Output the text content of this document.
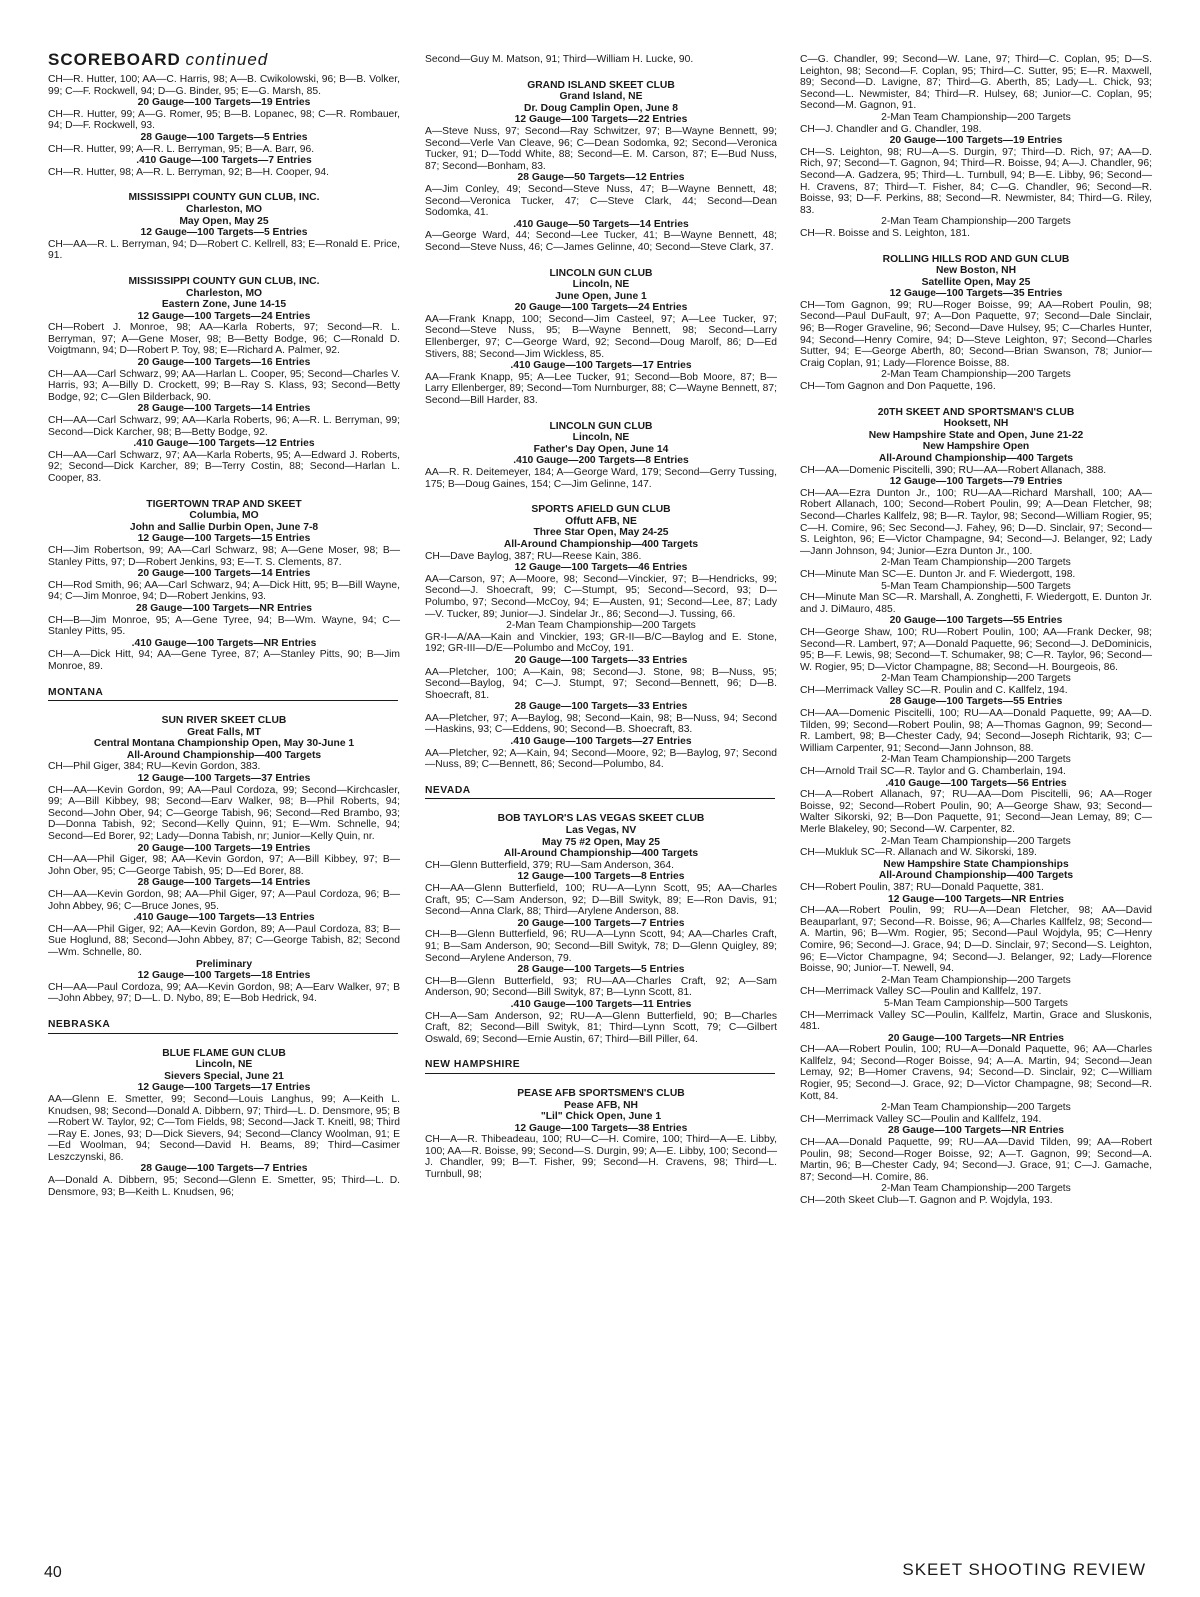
SCOREBOARD continued
CH—R. Hutter, 100; AA—C. Harris, 98; A—B. Cwikolowski, 96; B—B. Volker, 99; C—F. Rockwell, 94; D—G. Binder, 95; E—G. Marsh, 85.
20 Gauge—100 Targets—19 Entries
CH—R. Hutter, 99; A—G. Romer, 95; B—B. Lopanec, 98; C—R. Rombauer, 94; D—F. Rockwell, 93.
28 Gauge—100 Targets—5 Entries
CH—R. Hutter, 99; A—R. L. Berryman, 95; B—A. Barr, 96.
.410 Gauge—100 Targets—7 Entries
CH—R. Hutter, 98; A—R. L. Berryman, 92; B—H. Cooper, 94.
MISSISSIPPI COUNTY GUN CLUB, INC.
Charleston, MO
May Open, May 25
12 Gauge—100 Targets—5 Entries
CH—AA—R. L. Berryman, 94; D—Robert C. Kellrell, 83; E—Ronald E. Price, 91.
MISSISSIPPI COUNTY GUN CLUB, INC.
Charleston, MO
Eastern Zone, June 14-15
12 Gauge—100 Targets—24 Entries
CH—Robert J. Monroe, 98; AA—Karla Roberts, 97; Second—R. L. Berryman, 97; A—Gene Moser, 98; B—Betty Bodge, 96; C—Ronald D. Voigtmann, 94; D—Robert P. Toy, 98; E—Richard A. Palmer, 92.
20 Gauge—100 Targets—16 Entries
CH—AA—Carl Schwarz, 99; AA—Harlan L. Cooper, 95; Second—Charles V. Harris, 93; A—Billy D. Crockett, 99; B—Ray S. Klass, 93; Second—Betty Bodge, 92; C—Glen Bilderback, 90.
28 Gauge—100 Targets—14 Entries
CH—AA—Carl Schwarz, 99; AA—Karla Roberts, 96; A—R. L. Berryman, 99; Second—Dick Karcher, 98; B—Betty Bodge, 92.
.410 Gauge—100 Targets—12 Entries
CH—AA—Carl Schwarz, 97; AA—Karla Roberts, 95; A—Edward J. Roberts, 92; Second—Dick Karcher, 89; B—Terry Costin, 88; Second—Harlan L. Cooper, 83.
TIGERTOWN TRAP AND SKEET
Columbia, MO
John and Sallie Durbin Open, June 7-8
12 Gauge—100 Targets—15 Entries
CH—Jim Robertson, 99; AA—Carl Schwarz, 98; A—Gene Moser, 98; B—Stanley Pitts, 97; D—Robert Jenkins, 93; E—T. S. Clements, 87.
20 Gauge—100 Targets—14 Entries
CH—Rod Smith, 96; AA—Carl Schwarz, 94; A—Dick Hitt, 95; B—Bill Wayne, 94; C—Jim Monroe, 94; D—Robert Jenkins, 93.
28 Gauge—100 Targets—NR Entries
CH—B—Jim Monroe, 95; A—Gene Tyree, 94; B—Wm. Wayne, 94; C—Stanley Pitts, 95.
.410 Gauge—100 Targets—NR Entries
CH—A—Dick Hitt, 94; AA—Gene Tyree, 87; A—Stanley Pitts, 90; B—Jim Monroe, 89.
MONTANA
SUN RIVER SKEET CLUB
Great Falls, MT
Central Montana Championship Open, May 30-June 1
All-Around Championship—400 Targets
CH—Phil Giger, 384; RU—Kevin Gordon, 383.
12 Gauge—100 Targets—37 Entries
CH—AA—Kevin Gordon, 99; AA—Paul Cordoza, 99; Second—Kirchcasler, 99; A—Bill Kibbey, 98; Second—Earv Walker, 98; B—Phil Roberts, 94; Second—John Ober, 94; C—George Tabish, 96; Second—Red Brambo, 93; D—Donna Tabish, 92; Second—Kelly Quinn, 91; E—Wm. Schnelle, 94; Second—Ed Borer, 92; Lady—Donna Tabish, nr; Junior—Kelly Quin, nr.
20 Gauge—100 Targets—19 Entries
CH—AA—Phil Giger, 98; AA—Kevin Gordon, 97; A—Bill Kibbey, 97; B—John Ober, 95; C—George Tabish, 95; D—Ed Borer, 88.
28 Gauge—100 Targets—14 Entries
CH—AA—Kevin Gordon, 98; AA—Phil Giger, 97; A—Paul Cordoza, 96; B—John Abbey, 96; C—Bruce Jones, 95.
.410 Gauge—100 Targets—13 Entries
CH—AA—Phil Giger, 92; AA—Kevin Gordon, 89; A—Paul Cordoza, 83; B—Sue Hoglund, 88; Second—John Abbey, 87; C—George Tabish, 82; Second—Wm. Schnelle, 80.
Preliminary
12 Gauge—100 Targets—18 Entries
CH—AA—Paul Cordoza, 99; AA—Kevin Gordon, 98; A—Earv Walker, 97; B—John Abbey, 97; D—L. D. Nybo, 89; E—Bob Hedrick, 94.
NEBRASKA
BLUE FLAME GUN CLUB
Lincoln, NE
Sievers Special, June 21
12 Gauge—100 Targets—17 Entries
AA—Glenn E. Smetter, 99; Second—Louis Langhus, 99; A—Keith L. Knudsen, 98; Second—Donald A. Dibbern, 97; Third—L. D. Densmore, 95; B—Robert W. Taylor, 92; C—Tom Fields, 98; Second—Jack T. Kneitl, 98; Third—Ray E. Jones, 93; D—Dick Sievers, 94; Second—Clancy Woolman, 91; E—Ed Woolman, 94; Second—David H. Beams, 89; Third—Casimer Leszczynski, 86.
28 Gauge—100 Targets—7 Entries
A—Donald A. Dibbern, 95; Second—Glenn E. Smetter, 95; Third—L. D. Densmore, 93; B—Keith L. Knudsen, 96;
Second—Guy M. Matson, 91; Third—William H. Lucke, 90.
GRAND ISLAND SKEET CLUB
Grand Island, NE
Dr. Doug Camplin Open, June 8
12 Gauge—100 Targets—22 Entries
A—Steve Nuss, 97; Second—Ray Schwitzer, 97; B—Wayne Bennett, 99; Second—Verle Van Cleave, 96; C—Dean Sodomka, 92; Second—Veronica Tucker, 91; D—Todd White, 88; Second—E. M. Carson, 87; E—Bud Nuss, 87; Second—Bonham, 83.
28 Gauge—50 Targets—12 Entries
A—Jim Conley, 49; Second—Steve Nuss, 47; B—Wayne Bennett, 48; Second—Veronica Tucker, 47; C—Steve Clark, 44; Second—Dean Sodomka, 41.
.410 Gauge—50 Targets—14 Entries
A—George Ward, 44; Second—Lee Tucker, 41; B—Wayne Bennett, 48; Second—Steve Nuss, 46; C—James Gelinne, 40; Second—Steve Clark, 37.
LINCOLN GUN CLUB
Lincoln, NE
June Open, June 1
20 Gauge—100 Targets—24 Entries
AA—Frank Knapp, 100; Second—Jim Casteel, 97; A—Lee Tucker, 97; Second—Steve Nuss, 95; B—Wayne Bennett, 98; Second—Larry Ellenberger, 97; C—George Ward, 92; Second—Doug Marolf, 86; D—Ed Stivers, 88; Second—Jim Wickless, 85.
.410 Gauge—100 Targets—17 Entries
AA—Frank Knapp, 95; A—Lee Tucker, 91; Second—Bob Moore, 87; B—Larry Ellenberger, 89; Second—Tom Nurnburger, 88; C—Wayne Bennett, 87; Second—Bill Harder, 83.
LINCOLN GUN CLUB
Lincoln, NE
Father's Day Open, June 14
.410 Gauge—200 Targets—8 Entries
AA—R. R. Deitemeyer, 184; A—George Ward, 179; Second—Gerry Tussing, 175; B—Doug Gaines, 154; C—Jim Gelinne, 147.
SPORTS AFIELD GUN CLUB
Offutt AFB, NE
Three Star Open, May 24-25
All-Around Championship—400 Targets
CH—Dave Baylog, 387; RU—Reese Kain, 386.
12 Gauge—100 Targets—46 Entries
AA—Carson, 97; A—Moore, 98; Second—Vinckier, 97; B—Hendricks, 99; Second—J. Shoecraft, 99; C—Stumpt, 95; Second—Secord, 93; D—Polumbo, 97; Second—McCoy, 94; E—Austen, 91; Second—Lee, 87; Lady—V. Tucker, 89; Junior—J. Sindelar Jr., 86; Second—J. Tussing, 66.
2-Man Team Championship—200 Targets
GR-I—A/AA—Kain and Vinckier, 193; GR-II—B/C—Baylog and E. Stone, 192; GR-III—D/E—Polumbo and McCoy, 191.
20 Gauge—100 Targets—33 Entries
AA—Pletcher, 100; A—Kain, 98; Second—J. Stone, 98; B—Nuss, 95; Second—Baylog, 94; C—J. Stumpt, 97; Second—Bennett, 96; D—B. Shoecraft, 81.
28 Gauge—100 Targets—33 Entries
AA—Pletcher, 97; A—Baylog, 98; Second—Kain, 98; B—Nuss, 94; Second—Haskins, 93; C—Eddens, 90; Second—B. Shoecraft, 83.
.410 Gauge—100 Targets—27 Entries
AA—Pletcher, 92; A—Kain, 94; Second—Moore, 92; B—Baylog, 97; Second—Nuss, 89; C—Bennett, 86; Second—Polumbo, 84.
NEVADA
BOB TAYLOR'S LAS VEGAS SKEET CLUB
Las Vegas, NV
May 75 #2 Open, May 25
All-Around Championship—400 Targets
CH—Glenn Butterfield, 379; RU—Sam Anderson, 364.
12 Gauge—100 Targets—8 Entries
CH—AA—Glenn Butterfield, 100; RU—A—Lynn Scott, 95; AA—Charles Craft, 95; C—Sam Anderson, 92; D—Bill Swityk, 89; E—Ron Davis, 91; Second—Anna Clark, 88; Third—Arylene Anderson, 88.
20 Gauge—100 Targets—7 Entries
CH—B—Glenn Butterfield, 96; RU—A—Lynn Scott, 94; AA—Charles Craft, 91; B—Sam Anderson, 90; Second—Bill Swityk, 78; D—Glenn Quigley, 89; Second—Arylene Anderson, 79.
28 Gauge—100 Targets—5 Entries
CH—B—Glenn Butterfield, 93; RU—AA—Charles Craft, 92; A—Sam Anderson, 90; Second—Bill Swityk, 87; B—Lynn Scott, 81.
.410 Gauge—100 Targets—11 Entries
CH—A—Sam Anderson, 92; RU—A—Glenn Butterfield, 90; B—Charles Craft, 82; Second—Bill Swityk, 81; Third—Lynn Scott, 79; C—Gilbert Oswald, 69; Second—Ernie Austin, 67; Third—Bill Piller, 64.
NEW HAMPSHIRE
PEASE AFB SPORTSMEN'S CLUB
Pease AFB, NH
"Lil" Chick Open, June 1
12 Gauge—100 Targets—38 Entries
CH—A—R. Thibeadeau, 100; RU—C—H. Comire, 100; Third—A—E. Libby, 100; AA—R. Boisse, 99; Second—S. Durgin, 99; A—E. Libby, 100; Second—J. Chandler, 99; B—T. Fisher, 99; Second—H. Cravens, 98; Third—L. Turnbull, 98;
C—G. Chandler, 99; Second—W. Lane, 97; Third—C. Coplan, 95; D—S. Leighton, 98; Second—F. Coplan, 95; Third—C. Sutter, 95; E—R. Maxwell, 89; Second—D. Lavigne, 87; Third—G. Aberth, 85; Lady—L. Chick, 93; Second—L. Newmister, 84; Third—R. Hulsey, 68; Junior—C. Coplan, 95; Second—M. Gagnon, 91.
2-Man Team Championship—200 Targets
CH—J. Chandler and G. Chandler, 198.
20 Gauge—100 Targets—19 Entries
CH—S. Leighton, 98; RU—A—S. Durgin, 97; Third—D. Rich, 97; AA—D. Rich, 97; Second—T. Gagnon, 94; Third—R. Boisse, 94; A—J. Chandler, 96; Second—A. Gadzera, 95; Third—L. Turnbull, 94; B—E. Libby, 96; Second—H. Cravens, 87; Third—T. Fisher, 84; C—G. Chandler, 96; Second—R. Boisse, 93; D—F. Perkins, 88; Second—R. Newmister, 84; Third—G. Riley, 83.
2-Man Team Championship—200 Targets
CH—R. Boisse and S. Leighton, 181.
ROLLING HILLS ROD AND GUN CLUB
New Boston, NH
Satellite Open, May 25
12 Gauge—100 Targets—35 Entries
CH—Tom Gagnon, 99; RU—Roger Boisse, 99; AA—Robert Poulin, 98; Second—Paul DuFault, 97; A—Don Paquette, 97; Second—Dale Sinclair, 96; B—Roger Graveline, 96; Second—Dave Hulsey, 95; C—Charles Hunter, 94; Second—Henry Comire, 94; D—Steve Leighton, 97; Second—Charles Sutter, 94; E—George Aberth, 80; Second—Brian Swanson, 78; Junior—Craig Coplan, 91; Lady—Florence Boisse, 88.
2-Man Team Championship—200 Targets
CH—Tom Gagnon and Don Paquette, 196.
20TH SKEET AND SPORTSMAN'S CLUB
Hooksett, NH
New Hampshire State and Open, June 21-22
New Hampshire Open
All-Around Championship—400 Targets
CH—AA—Domenic Piscitelli, 390; RU—AA—Robert Allanach, 388.
12 Gauge—100 Targets—79 Entries
CH—AA—Ezra Dunton Jr., 100; RU—AA—Richard Marshall, 100; AA—Robert Allanach, 100; Second—Robert Poulin, 99; A—Dean Fletcher, 98; Second—Charles Kallfelz, 98; B—R. Taylor, 98; Second—William Rogier, 95; C—H. Comire, 96; Sec Second—J. Fahey, 96; D—D. Sinclair, 97; Second—S. Leighton, 96; E—Victor Champagne, 94; Second—J. Belanger, 92; Lady—Jann Johnson, 94; Junior—Ezra Dunton Jr., 100.
2-Man Team Championship—200 Targets
CH—Minute Man SC—E. Dunton Jr. and F. Wiedergott, 198.
5-Man Team Championship—500 Targets
CH—Minute Man SC—R. Marshall, A. Zonghetti, F. Wiedergott, E. Dunton Jr. and J. DiMauro, 485.
20 Gauge—100 Targets—55 Entries
CH—George Shaw, 100; RU—Robert Poulin, 100; AA—Frank Decker, 98; Second—R. Lambert, 97; A—Donald Paquette, 96; Second—J. DeDominicis, 95; B—F. Lewis, 98; Second—T. Schumaker, 98; C—R. Taylor, 96; Second—W. Rogier, 95; D—Victor Champagne, 88; Second—H. Bourgeois, 86.
2-Man Team Championship—200 Targets
CH—Merrimack Valley SC—R. Poulin and C. Kallfelz, 194.
28 Gauge—100 Targets—55 Entries
CH—AA—Domenic Piscitelli, 100; RU—AA—Donald Paquette, 99; AA—D. Tilden, 99; Second—Robert Poulin, 98; A—Thomas Gagnon, 99; Second—R. Lambert, 98; B—Chester Cady, 94; Second—Joseph Richtarik, 93; C—William Carpenter, 91; Second—Jann Johnson, 88.
2-Man Team Championship—200 Targets
CH—Arnold Trail SC—R. Taylor and G. Chamberlain, 194.
.410 Gauge—100 Targets—56 Entries
CH—A—Robert Allanach, 97; RU—AA—Dom Piscitelli, 96; AA—Roger Boisse, 92; Second—Robert Poulin, 90; A—George Shaw, 93; Second—Walter Sikorski, 92; B—Don Paquette, 91; Second—Jean Lemay, 89; C—Merle Blakeley, 90; Second—W. Carpenter, 82.
2-Man Team Championship—200 Targets
CH—Mukluk SC—R. Allanach and W. Sikorski, 189.
New Hampshire State Championships
All-Around Championship—400 Targets
CH—Robert Poulin, 387; RU—Donald Paquette, 381.
12 Gauge—100 Targets—NR Entries
CH—AA—Robert Poulin, 99; RU—A—Dean Fletcher, 98; AA—David Beauparlant, 97; Second—R. Boisse, 96; A—Charles Kallfelz, 98; Second—A. Martin, 96; B—Wm. Rogier, 95; Second—Paul Wojdyla, 95; C—Henry Comire, 96; Second—J. Grace, 94; D—D. Sinclair, 97; Second—S. Leighton, 96; E—Victor Champagne, 94; Second—J. Belanger, 92; Lady—Florence Boisse, 90; Junior—T. Newell, 94.
2-Man Team Championship—200 Targets
CH—Merrimack Valley SC—Poulin and Kallfelz, 197.
5-Man Team Campionship—500 Targets
CH—Merrimack Valley SC—Poulin, Kallfelz, Martin, Grace and Sluskonis, 481.
20 Gauge—100 Targets—NR Entries
CH—AA—Robert Poulin, 100; RU—A—Donald Paquette, 96; AA—Charles Kallfelz, 94; Second—Roger Boisse, 94; A—A. Martin, 94; Second—Jean Lemay, 92; B—Homer Cravens, 94; Second—D. Sinclair, 92; C—William Rogier, 95; Second—J. Grace, 92; D—Victor Champagne, 98; Second—R. Kott, 84.
2-Man Team Championship—200 Targets
CH—Merrimack Valley SC—Poulin and Kallfelz, 194.
28 Gauge—100 Targets—NR Entries
CH—AA—Donald Paquette, 99; RU—AA—David Tilden, 99; AA—Robert Poulin, 98; Second—Roger Boisse, 92; A—T. Gagnon, 99; Second—A. Martin, 96; B—Chester Cady, 94; Second—J. Grace, 91; C—J. Gamache, 87; Second—H. Comire, 86.
2-Man Team Championship—200 Targets
CH—20th Skeet Club—T. Gagnon and P. Wojdyla, 193.
40	SKEET SHOOTING REVIEW
